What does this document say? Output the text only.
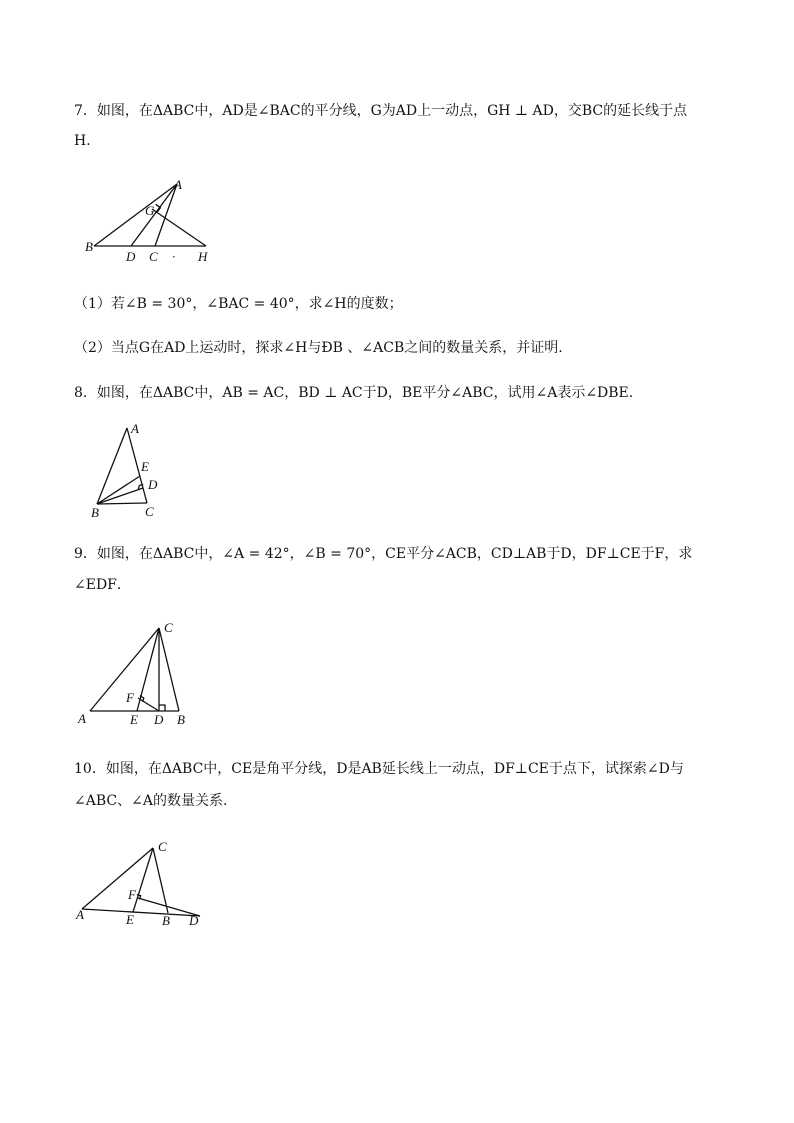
7．如图，在ΔABC中，AD是∠BAC的平分线，G为AD上一动点，GH ⊥ AD，交BC的延长线于点
H．
A
G
B
D C · H
（1）若∠B = 30°，∠BAC = 40°，求∠H的度数；
（2）当点G在AD上运动时，探求∠H与ÐB 、∠ACB之间的数量关系，并证明.
8．如图，在ΔABC中，AB = AC，BD ⊥ AC于D，BE平分∠ABC，试用∠A表示∠DBE．
A
E
D
B	C
9．如图，在ΔABC中，∠A = 42°，∠B = 70°，CE平分∠ACB，CD⊥AB于D，DF⊥CE于F，求
∠EDF．
C
F
A	E D B
10．如图，在ΔABC中，CE是角平分线，D是AB延长线上一动点，DF⊥CE于点下，试探索∠D与
∠ABC、∠A的数量关系.
C
F
A	E B D
